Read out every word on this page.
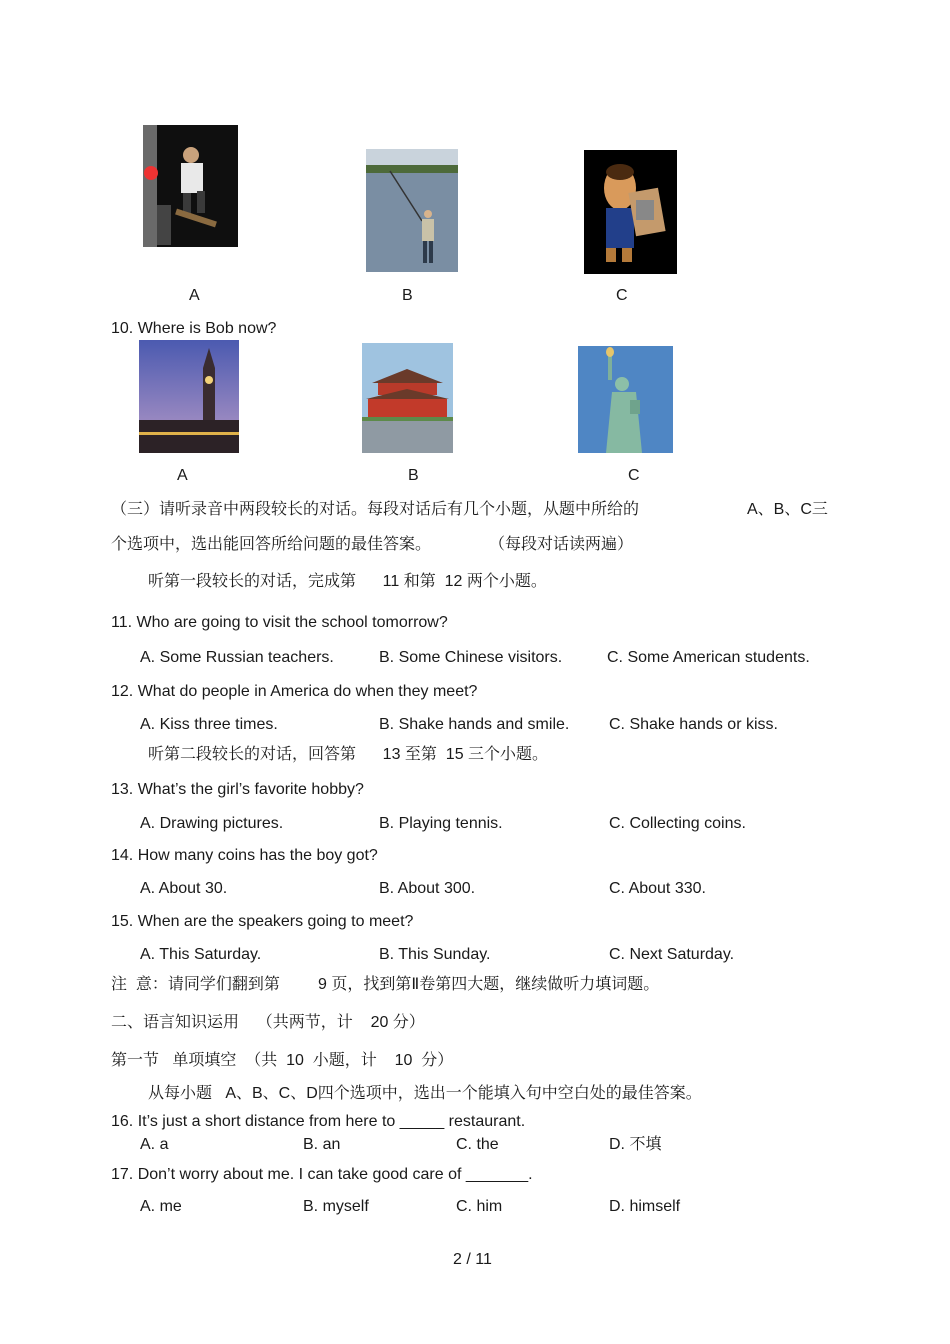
A	B	C
10. Where is Bob now?
A	B	C
（三）请听录音中两段较长的对话。每段对话后有几个小题，从题中所给的	A、B、C三
个选项中，选出能回答所给问题的最佳答案。	（每段对话读两遍）
听第一段较长的对话，完成第      11 和第  12 两个小题。
11. Who are going to visit the school tomorrow?
A. Some Russian teachers.	B. Some Chinese visitors.	C. Some American students.
12. What do people in America do when they meet?
A. Kiss three times.	B. Shake hands and smile. C. Shake hands or kiss.
听第二段较长的对话，回答第      13 至第  15 三个小题。
13. What’s the girl’s favorite hobby?
A. Drawing pictures.	B. Playing tennis.	C. Collecting coins.
14. How many coins has the boy got?
A. About 30.	B. About 300.	C. About 330.
15. When are the speakers going to meet?
A. This Saturday.	B. This Sunday.	C. Next Saturday.
注  意：请同学们翻到第 9 页，找到第Ⅱ卷第四大题，继续做听力填词题。
二、语言知识运用    （共两节，计    20 分）
第一节   单项填空  （共  10  小题，计    10  分）
从每小题   A、B、C、D四个选项中，选出一个能填入句中空白处的最佳答案。
16. It’s just a short distance from here to _____ restaurant.
A. a	B. an	C. the	D. 不填
17. Don’t worry about me. I can take good care of _______.
A. me	B. myself	C. him	D. himself
2 / 11
